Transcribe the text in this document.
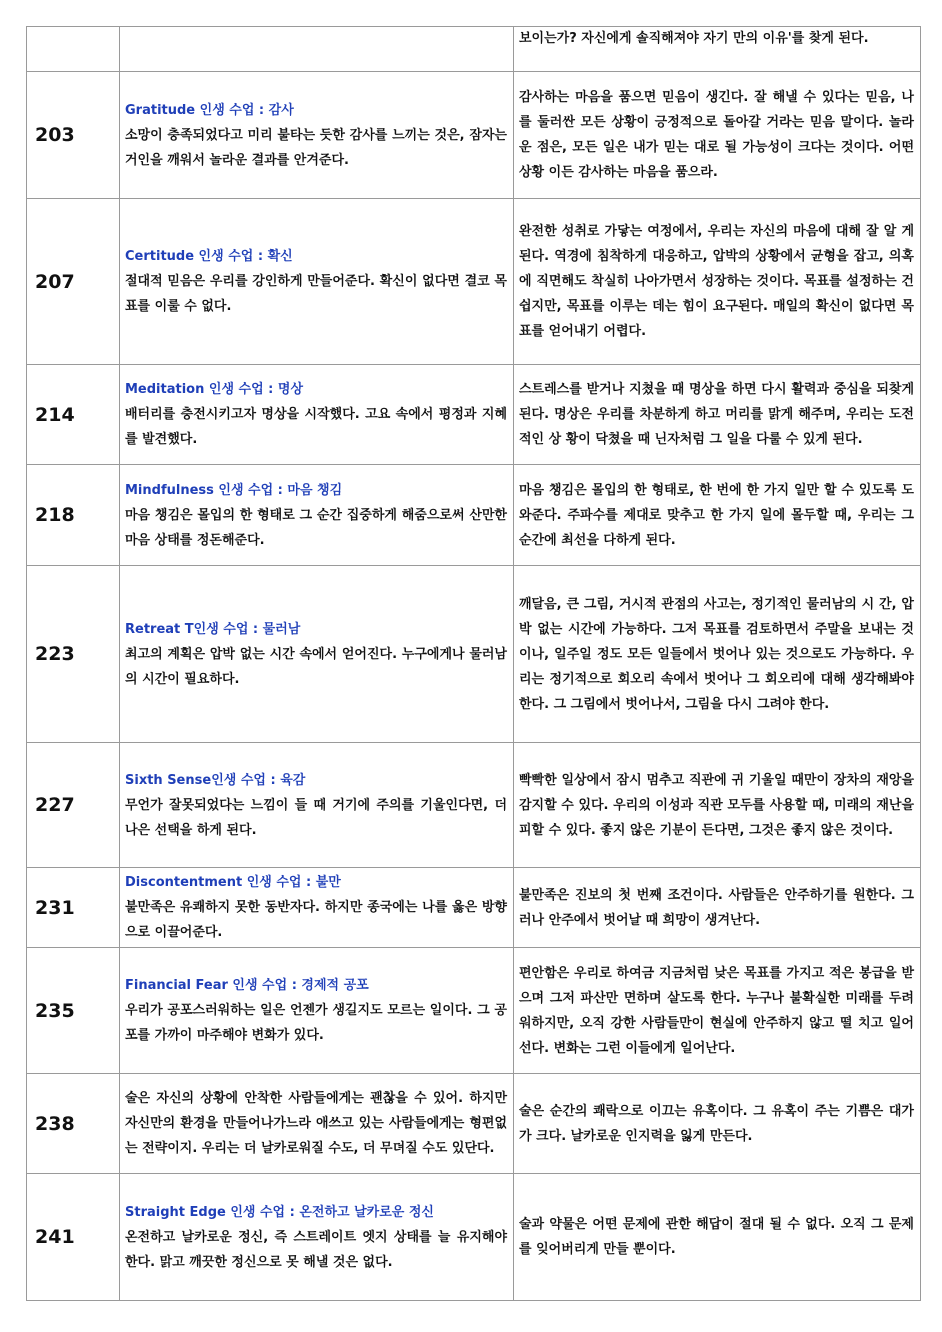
		보이는가? 자신에게 솔직해져야 자기 만의 이유'를 찾게 된다.
203	Gratitude 인생 수업 : 감사
소망이 충족되었다고 미리 불타는 듯한 감사를 느끼는 것은, 잠자는 거인을 깨워서 놀라운 결과를 안겨준다.	감사하는 마음을 품으면 믿음이 생긴다. 잘 해낼 수 있다는 믿음, 나 를 둘러싼 모든 상황이 긍정적으로 돌아갈 거라는 믿음 말이다. 놀라운 점은, 모든 일은 내가 믿는 대로 될 가능성이 크다는 것이다. 어떤 상황 이든 감사하는 마음을 품으라.
207	Certitude 인생 수업 : 확신
절대적 믿음은 우리를 강인하게 만들어준다. 확신이 없다면 결코 목표를 이룰 수 없다.	완전한 성취로 가닿는 여정에서, 우리는 자신의 마음에 대해 잘 알 게 된다. 역경에 침착하게 대응하고, 압박의 상황에서 균형을 잡고, 의혹에 직면해도 착실히 나아가면서 성장하는 것이다. 목표를 설정하는 건 쉽지만, 목표를 이루는 데는 힘이 요구된다. 매일의 확신이 없다면 목표를 얻어내기 어렵다.
214	Meditation 인생 수업 : 명상
배터리를 충전시키고자 명상을 시작했다. 고요 속에서 평정과 지혜를 발견했다.	스트레스를 받거나 지쳤을 때 명상을 하면 다시 활력과 중심을 되찾게 된다. 명상은 우리를 차분하게 하고 머리를 맑게 해주며, 우리는 도전적인 상 황이 닥쳤을 때 닌자처럼 그 일을 다룰 수 있게 된다.
218	Mindfulness 인생 수업 : 마음 챙김
마음 챙김은 몰입의 한 형태로 그 순간 집중하게 해줌으로써 산만한 마음 상태를 정돈해준다.	마음 챙김은 몰입의 한 형태로, 한 번에 한 가지 일만 할 수 있도록 도와준다. 주파수를 제대로 맞추고 한 가지 일에 몰두할 때, 우리는 그 순간에 최선을 다하게 된다.
223	Retreat T인생 수업 : 물러남
최고의 계획은 압박 없는 시간 속에서 얻어진다. 누구에게나 물러남의 시간이 필요하다.	깨달음, 큰 그림, 거시적 관점의 사고는, 정기적인 물러남의 시 간, 압박 없는 시간에 가능하다. 그저 목표를 검토하면서 주말을 보내는 것이나, 일주일 정도 모든 일들에서 벗어나 있는 것으로도 가능하다. 우리는 정기적으로 회오리 속에서 벗어나 그 회오리에 대해 생각해봐야 한다. 그 그림에서 벗어나서, 그림을 다시 그려야 한다.
227	Sixth Sense인생 수업 : 육감
무언가 잘못되었다는 느낌이 들 때 거기에 주의를 기울인다면, 더 나은 선택을 하게 된다.	빡빡한 일상에서 잠시 멈추고 직관에 귀 기울일 때만이 장차의 재앙을 감지할 수 있다. 우리의 이성과 직관 모두를 사용할 때, 미래의 재난을 피할 수 있다. 좋지 않은 기분이 든다면, 그것은 좋지 않은 것이다.
231	Discontentment 인생 수업 : 불만
불만족은 유쾌하지 못한 동반자다. 하지만 종국에는 나를 옳은 방향으로 이끌어준다.	불만족은 진보의 첫 번째 조건이다. 사람들은 안주하기를 원한다. 그러나 안주에서 벗어날 때 희망이 생겨난다.
235	Financial Fear 인생 수업 : 경제적 공포
우리가 공포스러워하는 일은 언젠가 생길지도 모르는 일이다. 그 공포를 가까이 마주해야 변화가 있다.	편안함은 우리로 하여금 지금처럼 낮은 목표를 가지고 적은 봉급을 받으며 그저 파산만 면하며 살도록 한다. 누구나 불확실한 미래를 두려워하지만, 오직 강한 사람들만이 현실에 안주하지 않고 떨 치고 일어선다. 변화는 그런 이들에게 일어난다.
238	술은 자신의 상황에 안착한 사람들에게는 괜찮을 수 있어. 하지만 자신만의 환경을 만들어나가느라 애쓰고 있는 사람들에게는 형편없는 전략이지. 우리는 더 날카로워질 수도, 더 무뎌질 수도 있단다.	술은 순간의 쾌락으로 이끄는 유혹이다. 그 유혹이 주는 기쁨은 대가가 크다. 날카로운 인지력을 잃게 만든다.
241	Straight Edge 인생 수업 : 온전하고 날카로운 정신
온전하고 날카로운 정신, 즉 스트레이트 엣지 상태를 늘 유지해야 한다. 맑고 깨끗한 정신으로 못 해낼 것은 없다.	술과 약물은 어떤 문제에 관한 해답이 절대 될 수 없다. 오직 그 문제를 잊어버리게 만들 뿐이다.
